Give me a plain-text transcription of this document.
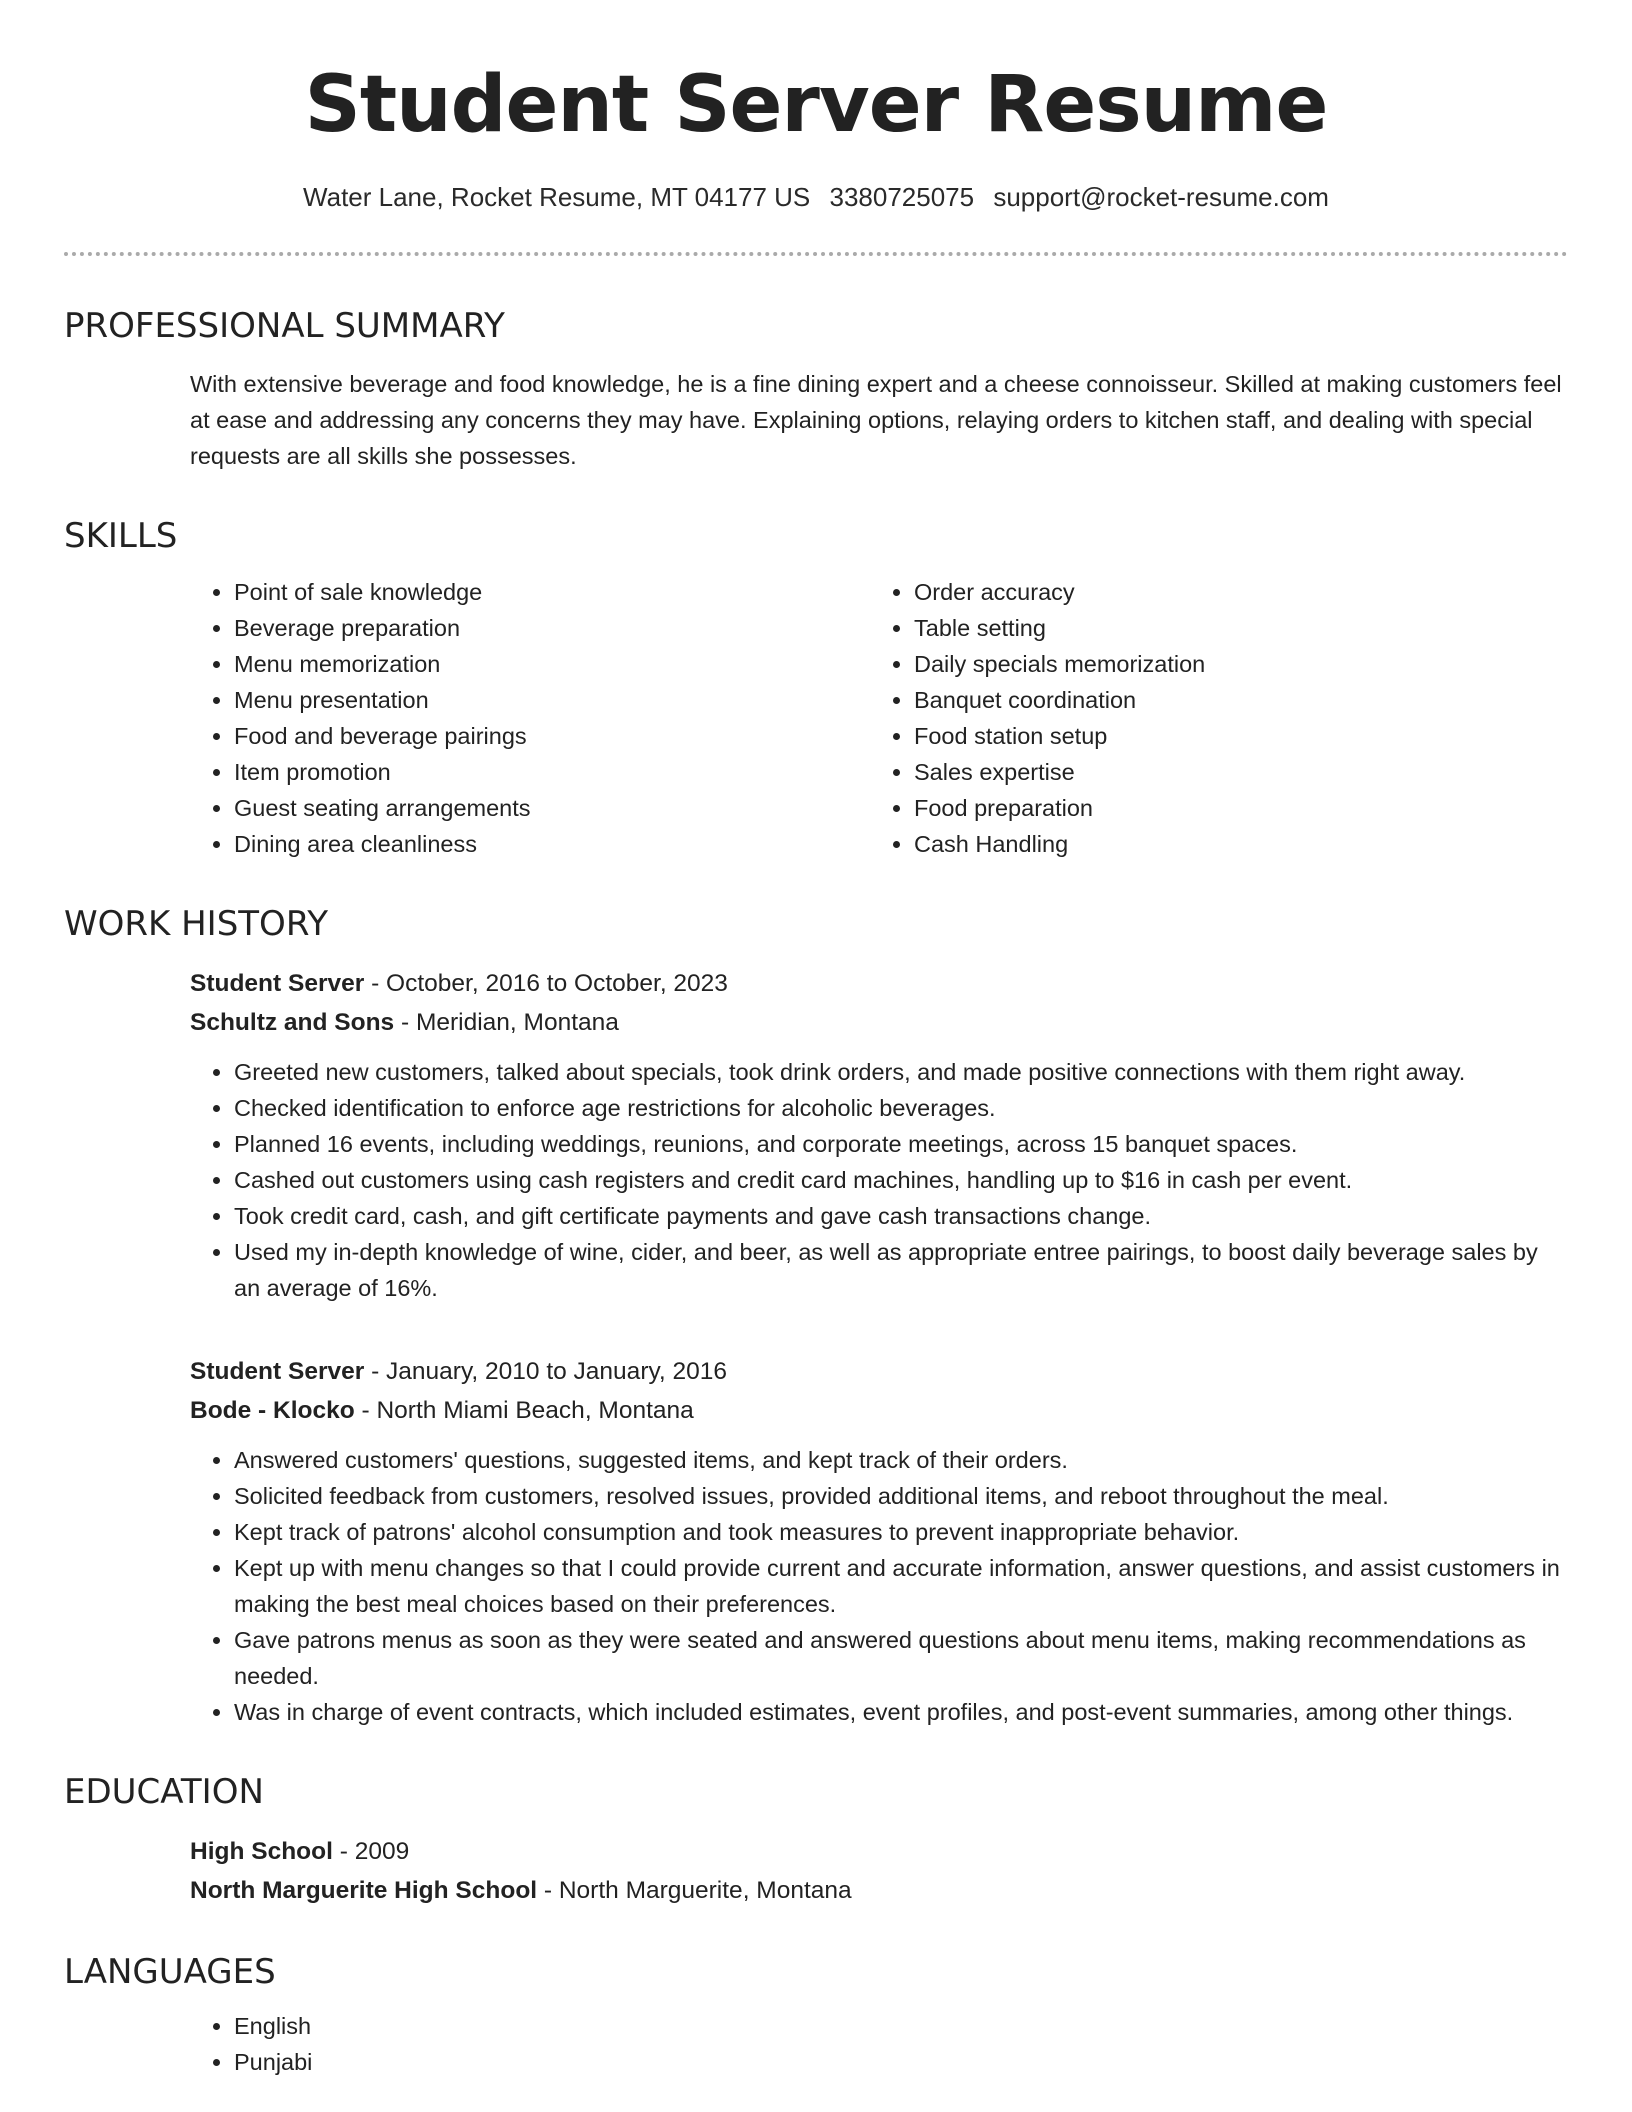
Student Server Resume
Water Lane, Rocket Resume, MT 04177 US 3380725075 support@rocket-resume.com
PROFESSIONAL SUMMARY
With extensive beverage and food knowledge, he is a fine dining expert and a cheese connoisseur. Skilled at making customers feel at ease and addressing any concerns they may have. Explaining options, relaying orders to kitchen staff, and dealing with special requests are all skills she possesses.
SKILLS
• Point of sale knowledge
• Beverage preparation
• Menu memorization
• Menu presentation
• Food and beverage pairings
• Item promotion
• Guest seating arrangements
• Dining area cleanliness
• Order accuracy
• Table setting
• Daily specials memorization
• Banquet coordination
• Food station setup
• Sales expertise
• Food preparation
• Cash Handling
WORK HISTORY
Student Server - October, 2016 to October, 2023
Schultz and Sons - Meridian, Montana
• Greeted new customers, talked about specials, took drink orders, and made positive connections with them right away.
• Checked identification to enforce age restrictions for alcoholic beverages.
• Planned 16 events, including weddings, reunions, and corporate meetings, across 15 banquet spaces.
• Cashed out customers using cash registers and credit card machines, handling up to $16 in cash per event.
• Took credit card, cash, and gift certificate payments and gave cash transactions change.
• Used my in-depth knowledge of wine, cider, and beer, as well as appropriate entree pairings, to boost daily beverage sales by an average of 16%.
Student Server - January, 2010 to January, 2016
Bode - Klocko - North Miami Beach, Montana
• Answered customers' questions, suggested items, and kept track of their orders.
• Solicited feedback from customers, resolved issues, provided additional items, and reboot throughout the meal.
• Kept track of patrons' alcohol consumption and took measures to prevent inappropriate behavior.
• Kept up with menu changes so that I could provide current and accurate information, answer questions, and assist customers in making the best meal choices based on their preferences.
• Gave patrons menus as soon as they were seated and answered questions about menu items, making recommendations as needed.
• Was in charge of event contracts, which included estimates, event profiles, and post-event summaries, among other things.
EDUCATION
High School - 2009
North Marguerite High School - North Marguerite, Montana
LANGUAGES
• English
• Punjabi
